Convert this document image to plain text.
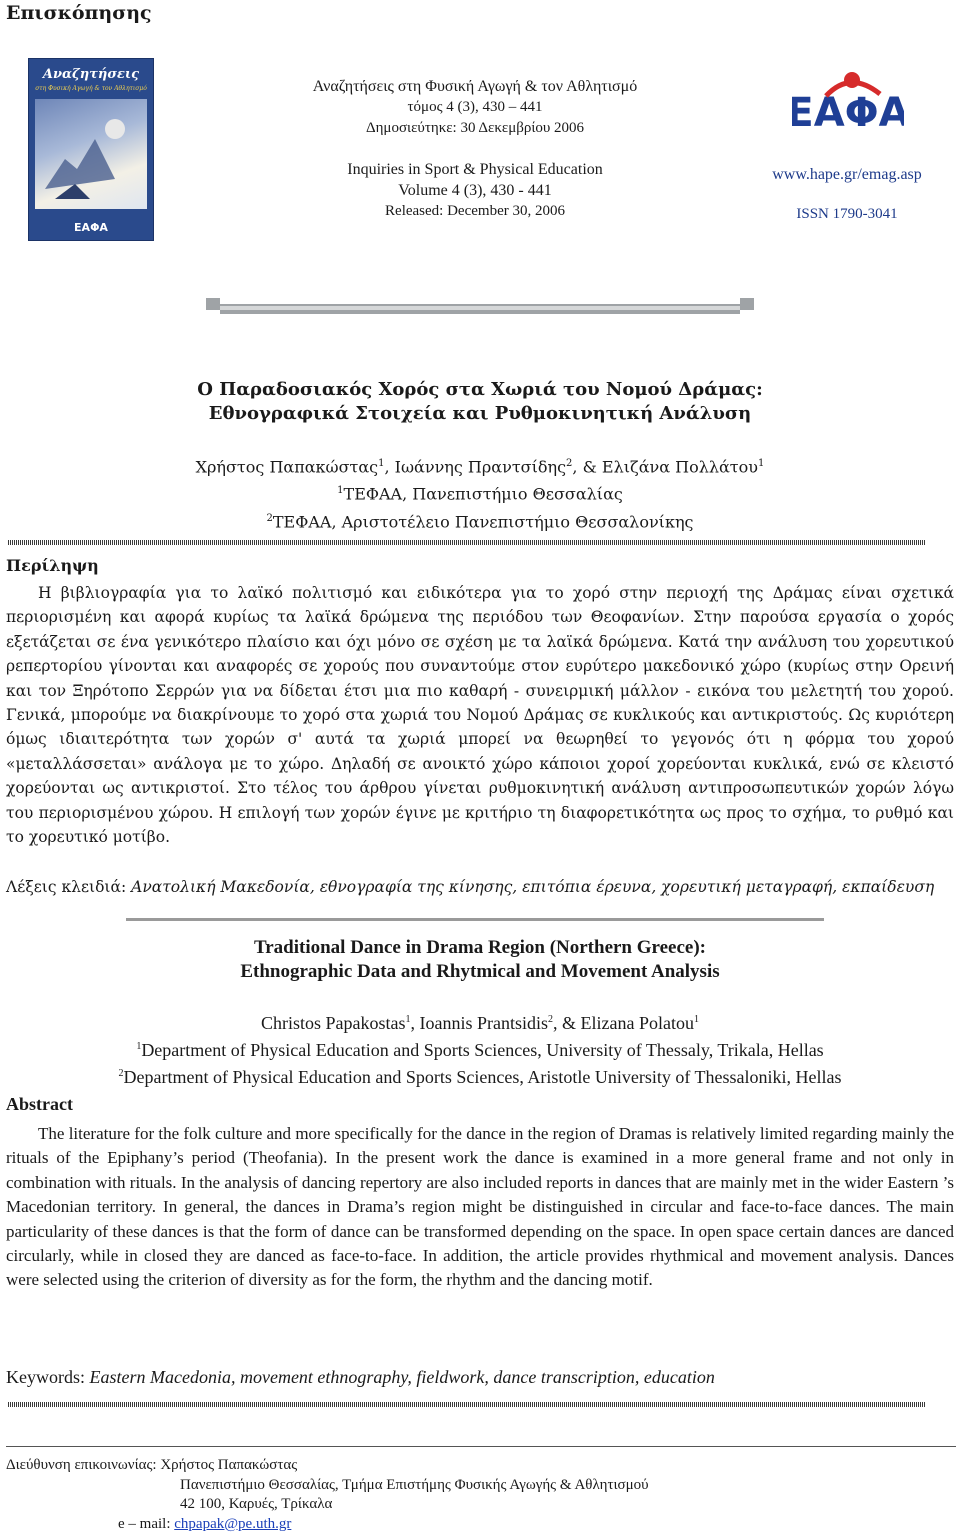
Επισκόπησης
Αναζητήσεις
στη Φυσική Αγωγή & τον Αθλητισμό
ΕΑΦΑ
Αναζητήσεις στη Φυσική Αγωγή & τον Αθλητισμό
τόμος 4 (3), 430 – 441
Δημοσιεύτηκε: 30 Δεκεμβρίου 2006
Inquiries in Sport & Physical Education
Volume 4 (3), 430 - 441
Released: December 30, 2006
ΕΑΦΑ
www.hape.gr/emag.asp
ISSN 1790-3041
Ο Παραδοσιακός Χορός στα Χωριά του Νομού Δράμας:
Εθνογραφικά Στοιχεία και Ρυθμοκινητική Ανάλυση
Χρήστος Παπακώστας$^1$, Ιωάννης Πραντσίδης$^2$, & Ελιζάνα Πολλάτου$^1$
$^1$ΤΕΦΑΑ, Πανεπιστήμιο Θεσσαλίας
$^2$ΤΕΦΑΑ, Αριστοτέλειο Πανεπιστήμιο Θεσσαλονίκης
Περίληψη
Η βιβλιογραφία για το λαϊκό πολιτισμό και ειδικότερα για το χορό στην περιοχή της Δράμας είναι σχετικά περιορισμένη και αφορά κυρίως τα λαϊκά δρώμενα της περιόδου των Θεοφανίων. Στην παρούσα εργασία ο χορός εξετάζεται σε ένα γενικότερο πλαίσιο και όχι μόνο σε σχέση με τα λαϊκά δρώμενα. Κατά την ανάλυση του χορευτικού ρεπερτορίου γίνονται και αναφορές σε χορούς που συναντούμε στον ευρύτερο μακεδονικό χώρο (κυρίως στην Ορεινή και τον Ξηρότοπο Σερρών για να δίδεται έτσι μια πιο καθαρή - συνειρμική μάλλον - εικόνα του μελετητή του χορού. Γενικά, μπορούμε να διακρίνουμε το χορό στα χωριά του Νομού Δράμας σε κυκλικούς και αντικριστούς. Ως κυριότερη όμως ιδιαιτερότητα των χορών σ' αυτά τα χωριά μπορεί να θεωρηθεί το γεγονός ότι η φόρμα του χορού «μεταλλάσσεται» ανάλογα με το χώρο. Δηλαδή σε ανοικτό χώρο κάποιοι χοροί χορεύονται κυκλικά, ενώ σε κλειστό χορεύονται ως αντικριστοί. Στο τέλος του άρθρου γίνεται ρυθμοκινητική ανάλυση αντιπροσωπευτικών χορών λόγω του περιορισμένου χώρου. Η επιλογή των χορών έγινε με κριτήριο τη διαφορετικότητα ως προς το σχήμα, το ρυθμό και το χορευτικό μοτίβο.
Λέξεις κλειδιά: Ανατολική Μακεδονία, εθνογραφία της κίνησης, επιτόπια έρευνα, χορευτική μεταγραφή, εκπαίδευση
Traditional Dance in Drama Region (Northern Greece):
Ethnographic Data and Rhytmical and Movement Analysis
Christos Papakostas$^1$, Ioannis Prantsidis$^2$, & Elizana Polatou$^1$
$^1$Department of Physical Education and Sports Sciences, University of Thessaly, Trikala, Hellas
$^2$Department of Physical Education and Sports Sciences, Aristotle University of Thessaloniki, Hellas
Abstract
The literature for the folk culture and more specifically for the dance in the region of Dramas is relatively limited regarding mainly the rituals of the Epiphany’s period (Theofania). In the present work the dance is examined in a more general frame and not only in combination with rituals. In the analysis of dancing repertory are also included reports in dances that are mainly met in the wider Eastern ’s Macedonian territory. In general, the dances in Drama’s region might be distinguished in circular and face-to-face dances. The main particularity of these dances is that the form of dance can be transformed depending on the space. In open space certain dances are danced circularly, while in closed they are danced as face-to-face. In addition, the article provides rhythmical and movement analysis. Dances were selected using the criterion of diversity as for the form, the rhythm and the dancing motif.
Keywords: Eastern Macedonia, movement ethnography, fieldwork, dance transcription, education
Διεύθυνση επικοινωνίας: Χρήστος Παπακώστας
Πανεπιστήμιο Θεσσαλίας, Τμήμα Επιστήμης Φυσικής Αγωγής & Αθλητισμού
42 100, Καρυές, Τρίκαλα
e – mail: chpapak@pe.uth.gr
